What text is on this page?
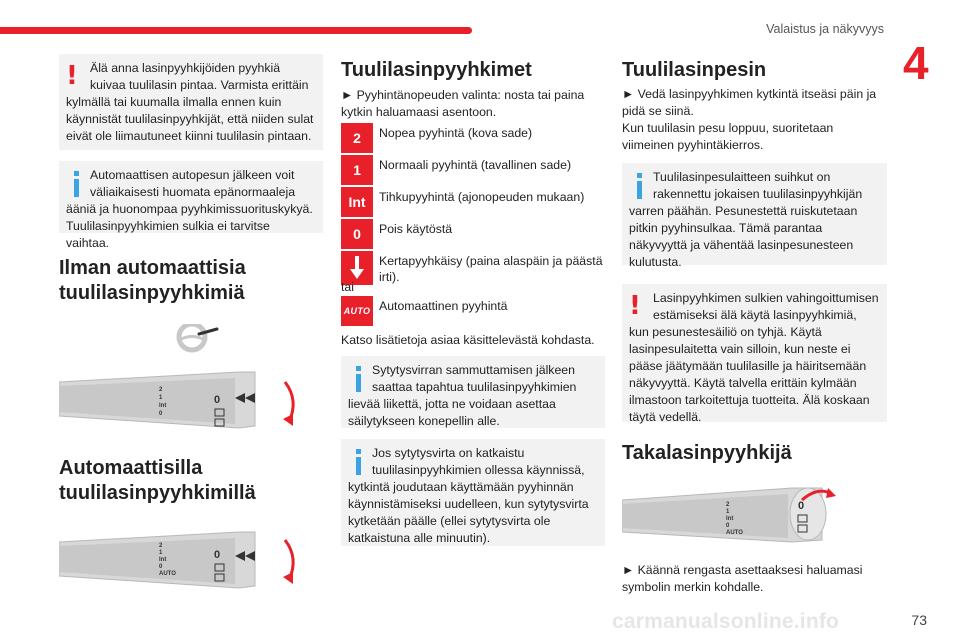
Valaistus ja näkyvyys
4
! Älä anna lasinpyyhkijöiden pyyhkiä kuivaa tuulilasin pintaa. Varmista erittäin kylmällä tai kuumalla ilmalla ennen kuin käynnistät tuulilasinpyyhkijät, että niiden sulat eivät ole liimautuneet kiinni tuulilasin pintaan.
Automaattisen autopesun jälkeen voit väliaikaisesti huomata epänormaaleja ääniä ja huonompaa pyyhkimissuorituskykyä. Tuulilasinpyyhkimien sulkia ei tarvitse vaihtaa.
Ilman automaattisia tuulilasinpyyhkimiä
2
1
Int
0
0
Automaattisilla tuulilasinpyyhkimillä
2
1
Int
0
AUTO
0
Tuulilasinpyyhkimet

► Pyyhintänopeuden valinta: nosta tai paina kytkin haluamaasi asentoon.

2	Nopea pyyhintä (kova sade)
1	Normaali pyyhintä (tavallinen sade)
Int	Tihkupyyhintä (ajonopeuden mukaan)
0	Pois käytöstä
Kertapyyhkäisy (paina alaspäin ja päästä irti).

tai

AUTO Automaattinen pyyhintä

Katso lisätietoja asiaa käsittelevästä kohdasta.

Sytytysvirran sammuttamisen jälkeen saattaa tapahtua tuulilasinpyyhkimien lievää liikettä, jotta ne voidaan asettaa säilytykseen konepellin alle.
Jos sytytysvirta on katkaistu tuulilasinpyyhkimien ollessa käynnissä, kytkintä joudutaan käyttämään pyyhinnän käynnistämiseksi uudelleen, kun sytytysvirta kytketään päälle (ellei sytytysvirta ole katkaistuna alle minuutin).
Tuulilasinpesin

► Vedä lasinpyyhkimen kytkintä itseäsi päin ja pidä se siinä.

Kun tuulilasin pesu loppuu, suoritetaan viimeinen pyyhintäkierros.

Tuulilasinpesulaitteen suihkut on rakennettu jokaisen tuulilasinpyyhkijän varren päähän. Pesunestettä ruiskutetaan pitkin pyyhinsulkaa. Tämä parantaa näkyvyyttä ja vähentää lasinpesunesteen kulutusta.
! Lasinpyyhkimen sulkien vahingoittumisen estämiseksi älä käytä lasinpyyhkimiä, kun pesunestesäiliö on tyhjä. Käytä lasinpesulaitetta vain silloin, kun neste ei pääse jäätymään tuulilasille ja häiritsemään näkyvyyttä. Käytä talvella erittäin kylmään ilmastoon tarkoitettuja tuotteita. Älä koskaan täytä vedellä.
Takalasinpyyhkijä
2
1
Int
0
AUTO
0

► Käännä rengasta asettaaksesi haluamasi symbolin merkin kohdalle.

carmanualsonline.info	73
